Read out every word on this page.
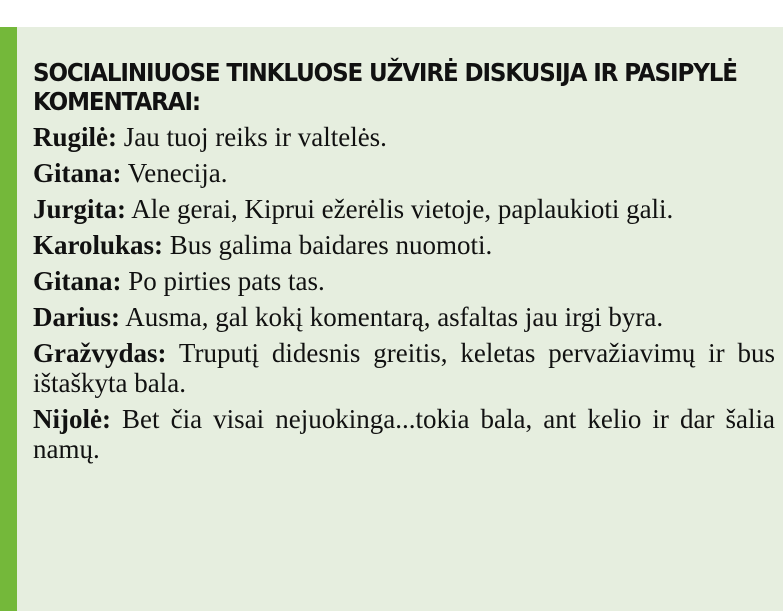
SOCIALINIUOSE TINKLUOSE UŽVIRĖ DISKUSIJA IR PASIPYLĖ KOMENTARAI:
Rugilė: Jau tuoj reiks ir valtelės.
Gitana: Venecija.
Jurgita: Ale gerai, Kiprui ežerėlis vietoje, paplaukioti gali.
Karolukas: Bus galima baidares nuomoti.
Gitana: Po pirties pats tas.
Darius: Ausma, gal kokį komentarą, asfaltas jau irgi byra.
Gražvydas: Truputį didesnis greitis, keletas pervažiavimų ir bus ištaškyta bala.
Nijolė: Bet čia visai nejuokinga...tokia bala, ant kelio ir dar šalia namų.
